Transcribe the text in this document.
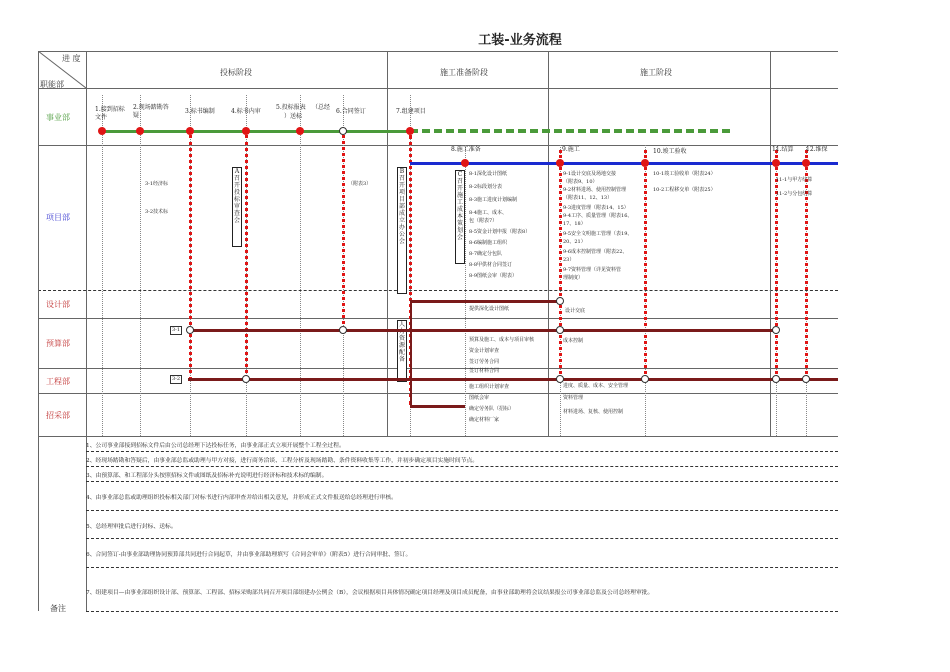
工装-业务流程
进 度
职能部
投标阶段	施工准备阶段	施工阶段
事业部
项目部
设计部
预算部
工程部
招采部
备注
1.接到招标文件
2.现场踏勘答疑
3.标书编制	4.标书内审
5.投标报表 （总经
）送标
6.合同签订	7.组建项目
8.施工准备	9.施工	10.竣工验收	11.结算 12.维保
3-1经济标
3-2技术标
（附表3）
A召开投标审查会
B召开项目部成立办公会
C召开施工成本策划会
人 资源配备
8-1深化设计图纸
8-2标段划分表
8-3施工进度计划编制
8-4施工、成本、
包（附表7）
8-5资金计划申报（附表8）
8-6编制施工组织
8-7确定分包队
8-8甲供材合同签订
8-9图纸会审（附表）
9-1设计交底及场地交接
（附表9、10）
9-2材料进场、使用控制管理
（附表11、12、13）
9-3进度管理（附表14、15）
9-4工序、质量管理（附表16、
17、18）
9-5安全文明施工管理（表19、
20、21）
9-6成本控制管理（附表22、
23）
9-7资料管理（详见资料管
理制度）
10-1竣工验收单（附表24）
10-2工程移交单（附表25）
11-1与甲方结算
11-2与分包结算
3-1
3-2
提供深化设计图纸	设计交底
预算及施工、成本与项目审核
资金计划审查
签订劳务合同
签订材料合同
成本控制
施工组织计划审查
图纸会审
确定劳务队（招标）
确定材料厂家
进度、质量、成本、安全管理
资料管理
材料进场、复核、使用控制
1、公司事业部接到招标文件后由公司总经理下达投标任务，由事业部正式立项开展整个工程全过程。
2、经现场踏勘和答疑后，由事业部总监或助理与甲方对接，进行商务洽谈、工程分析及现场踏勘、条件资料收集等工作，并初步确定项目实施时间节点。
3、由预算部、和工程部分头按照招标文件或图纸及招标补充说明进行经济标和技术标的编制。
4、由事业部总监或助理组织投标相关部门对标书进行内部审查并给出相关意见，并形成正式文件报送给总经理进行审核。
5、总经理审批后进行封标、送标。
6、合同签订-由事业部助理协同预算部共同进行合同起草，并由事业部助理填写《合同会审单》（附表5）进行合同审批、签订。
7、组建项目—由事业部组织设计部、预算部、工程部、招标采购部共同召开项目部组建办公例会（B），会议根据项目具体情况确定项目经理及项目成员配备，由事业部助理将会议结果报公司事业部总监及公司总经理审批。
